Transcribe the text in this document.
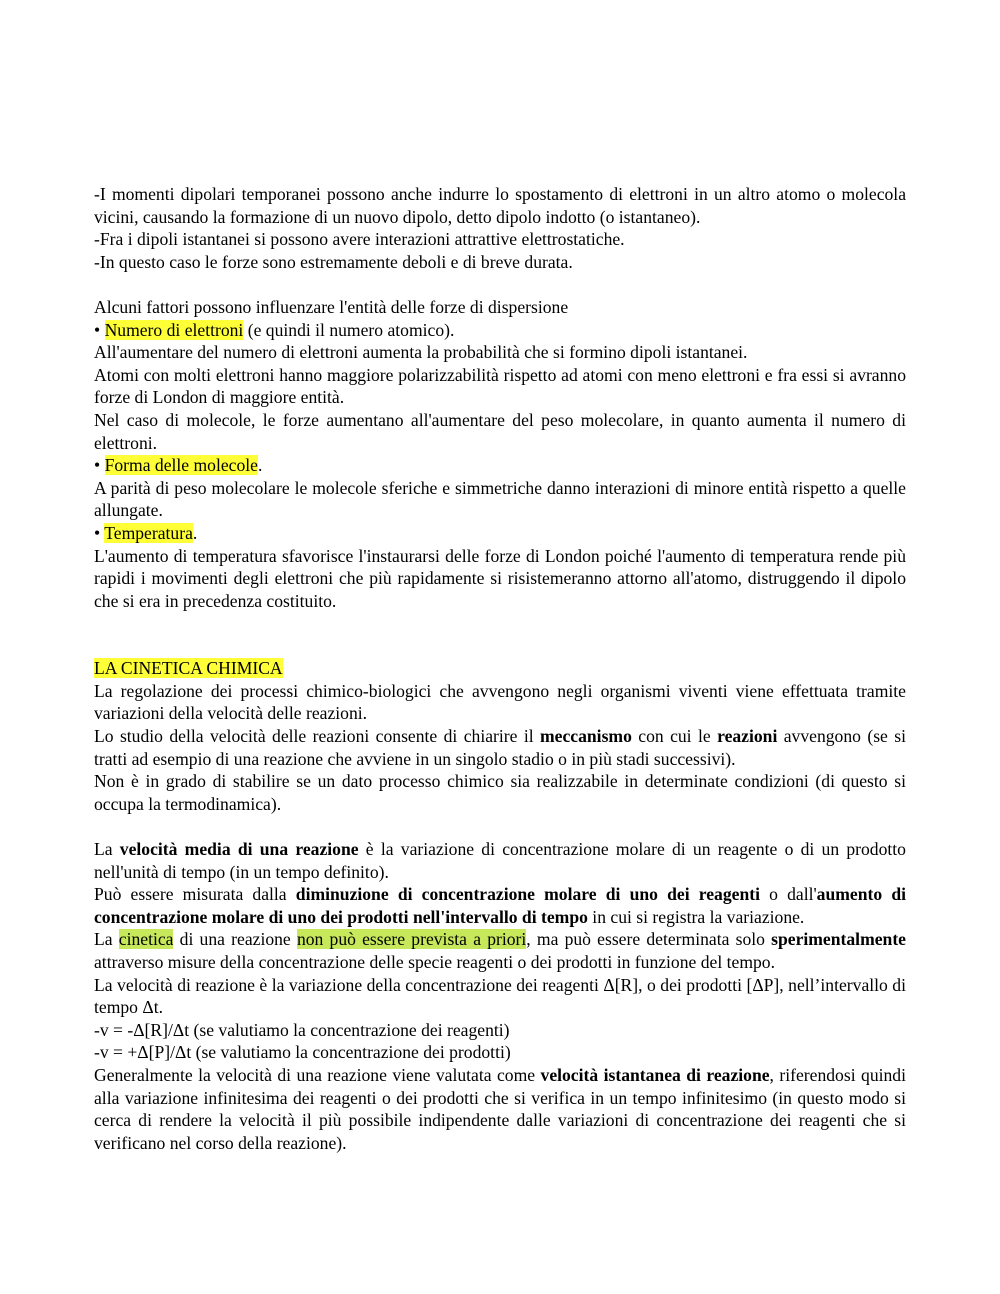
-I momenti dipolari temporanei possono anche indurre lo spostamento di elettroni in un altro atomo o molecola vicini, causando la formazione di un nuovo dipolo, detto dipolo indotto (o istantaneo).

-Fra i dipoli istantanei si possono avere interazioni attrattive elettrostatiche.

-In questo caso le forze sono estremamente deboli e di breve durata.

Alcuni fattori possono influenzare l'entità delle forze di dispersione

• Numero di elettroni (e quindi il numero atomico).

All'aumentare del numero di elettroni aumenta la probabilità che si formino dipoli istantanei.

Atomi con molti elettroni hanno maggiore polarizzabilità rispetto ad atomi con meno elettroni e fra essi si avranno forze di London di maggiore entità.

Nel caso di molecole, le forze aumentano all'aumentare del peso molecolare, in quanto aumenta il numero di elettroni.

• Forma delle molecole.

A parità di peso molecolare le molecole sferiche e simmetriche danno interazioni di minore entità rispetto a quelle allungate.

• Temperatura.

L'aumento di temperatura sfavorisce l'instaurarsi delle forze di London poiché l'aumento di temperatura rende più rapidi i movimenti degli elettroni che più rapidamente si risistemeranno attorno all'atomo, distruggendo il dipolo che si era in precedenza costituito.

LA CINETICA CHIMICA

La regolazione dei processi chimico-biologici che avvengono negli organismi viventi viene effettuata tramite variazioni della velocità delle reazioni.

Lo studio della velocità delle reazioni consente di chiarire il meccanismo con cui le reazioni avvengono (se si tratti ad esempio di una reazione che avviene in un singolo stadio o in più stadi successivi).

Non è in grado di stabilire se un dato processo chimico sia realizzabile in determinate condizioni (di questo si occupa la termodinamica).

La velocità media di una reazione è la variazione di concentrazione molare di un reagente o di un prodotto nell'unità di tempo (in un tempo definito).

Può essere misurata dalla diminuzione di concentrazione molare di uno dei reagenti o dall'aumento di concentrazione molare di uno dei prodotti nell'intervallo di tempo in cui si registra la variazione.

La cinetica di una reazione non può essere prevista a priori, ma può essere determinata solo sperimentalmente attraverso misure della concentrazione delle specie reagenti o dei prodotti in funzione del tempo.

La velocità di reazione è la variazione della concentrazione dei reagenti Δ[R], o dei prodotti [ΔP], nell’intervallo di tempo Δt.

-v = -Δ[R]/Δt (se valutiamo la concentrazione dei reagenti)

-v = +Δ[P]/Δt (se valutiamo la concentrazione dei prodotti)

Generalmente la velocità di una reazione viene valutata come velocità istantanea di reazione, riferendosi quindi alla variazione infinitesima dei reagenti o dei prodotti che si verifica in un tempo infinitesimo (in questo modo si cerca di rendere la velocità il più possibile indipendente dalle variazioni di concentrazione dei reagenti che si verificano nel corso della reazione).
